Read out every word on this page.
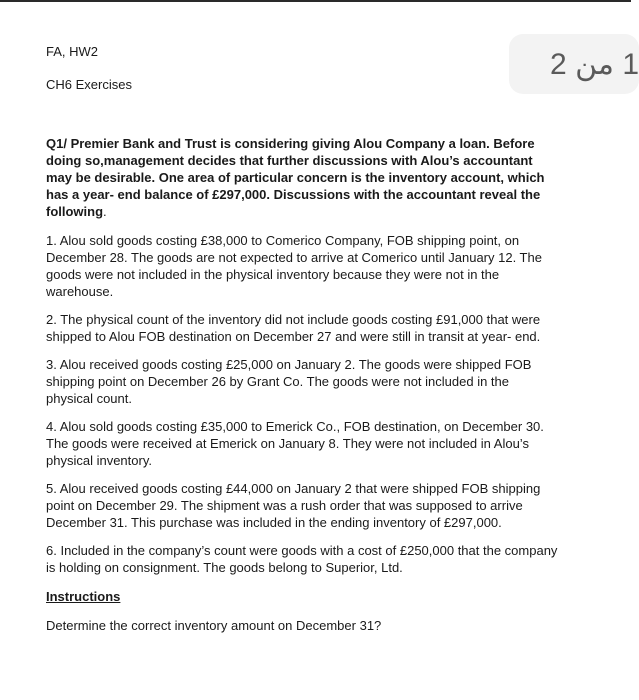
1 من 2
FA, HW2
CH6 Exercises

Q1/ Premier Bank and Trust is considering giving Alou Company a loan. Before doing so,management decides that further discussions with Alou’s accountant may be desirable. One area of particular concern is the inventory account, which has a year- end balance of £297,000. Discussions with the accountant reveal the following.

1. Alou sold goods costing £38,000 to Comerico Company, FOB shipping point, on December 28. The goods are not expected to arrive at Comerico until January 12. The goods were not included in the physical inventory because they were not in the warehouse.

2. The physical count of the inventory did not include goods costing £91,000 that were shipped to Alou FOB destination on December 27 and were still in transit at year- end.

3. Alou received goods costing £25,000 on January 2. The goods were shipped FOB shipping point on December 26 by Grant Co. The goods were not included in the physical count.

4. Alou sold goods costing £35,000 to Emerick Co., FOB destination, on December 30. The goods were received at Emerick on January 8. They were not included in Alou’s physical inventory.

5. Alou received goods costing £44,000 on January 2 that were shipped FOB shipping point on December 29. The shipment was a rush order that was supposed to arrive December 31. This purchase was included in the ending inventory of £297,000.

6. Included in the company’s count were goods with a cost of £250,000 that the company is holding on consignment. The goods belong to Superior, Ltd.

Instructions

Determine the correct inventory amount on December 31?
